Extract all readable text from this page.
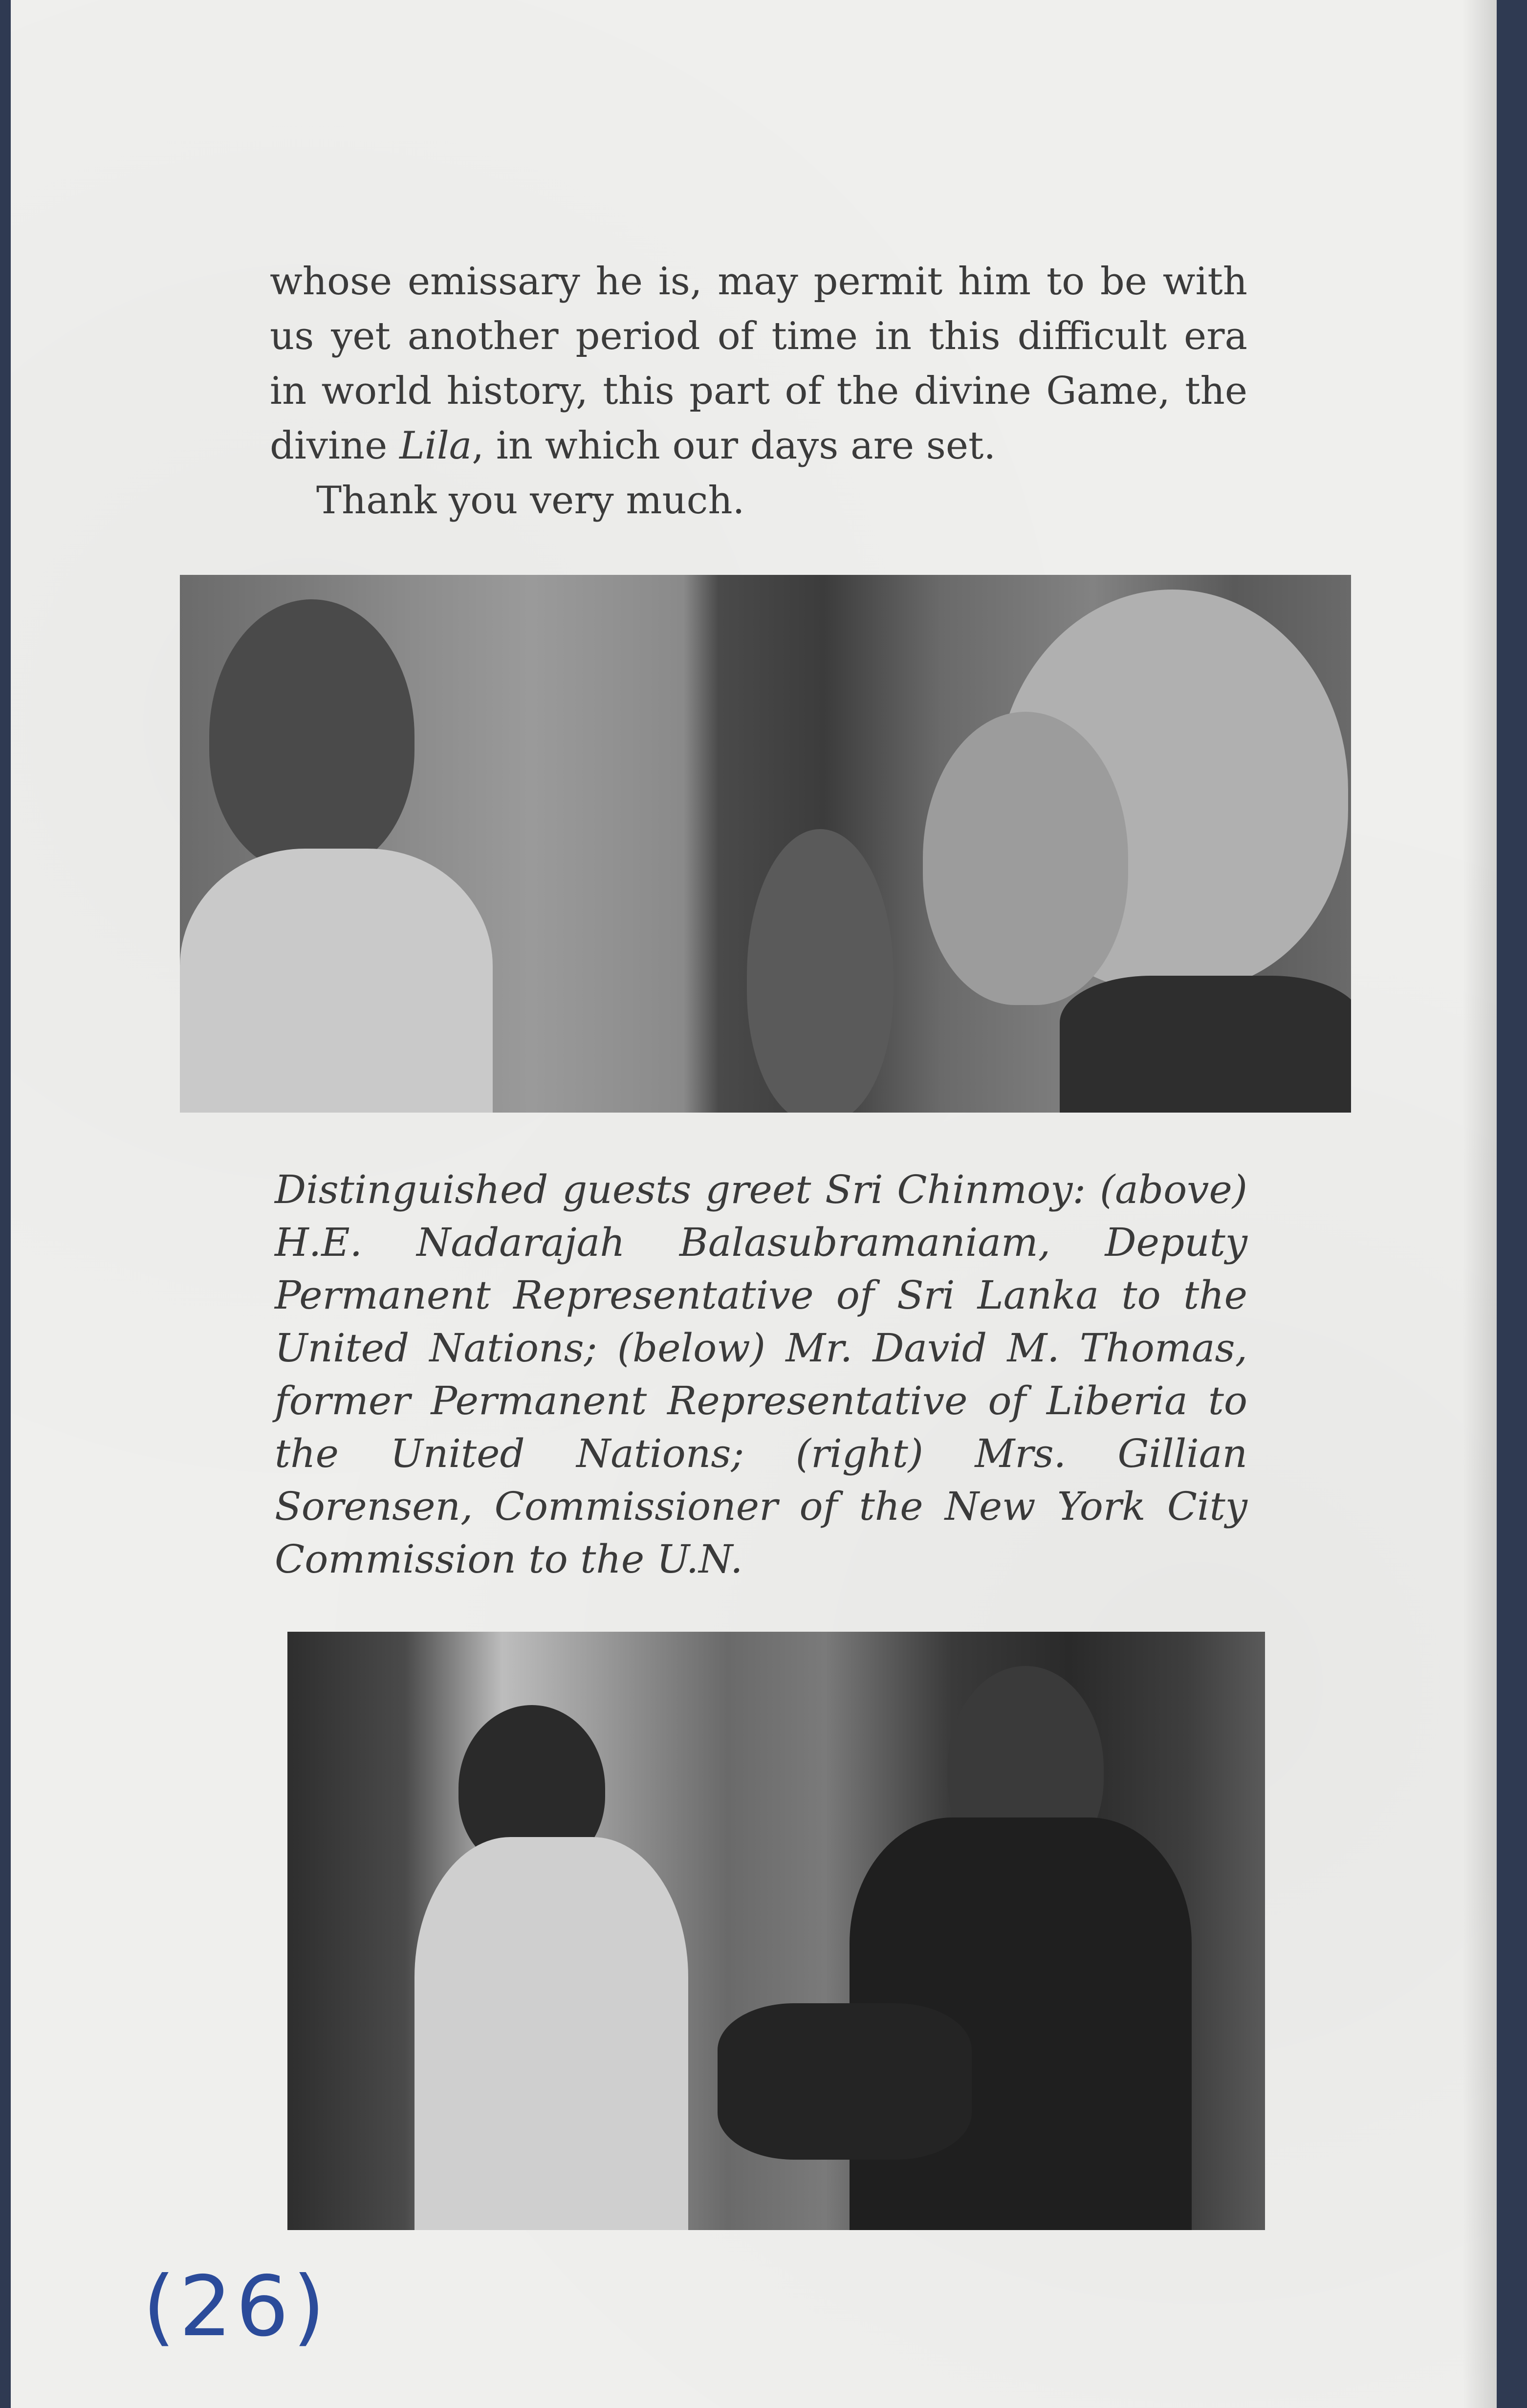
whose emissary he is, may permit him to be with us yet another period of time in this difficult era in world history, this part of the divine Game, the divine Lila, in which our days are set.

Thank you very much.

Distinguished guests greet Sri Chinmoy: (above) H.E. Nadarajah Balasubramaniam, Deputy Permanent Representative of Sri Lanka to the United Nations; (below) Mr. David M. Thomas, former Permanent Representative of Liberia to the United Nations; (right) Mrs. Gillian Sorensen, Commissioner of the New York City Commission to the U.N.
(26)
